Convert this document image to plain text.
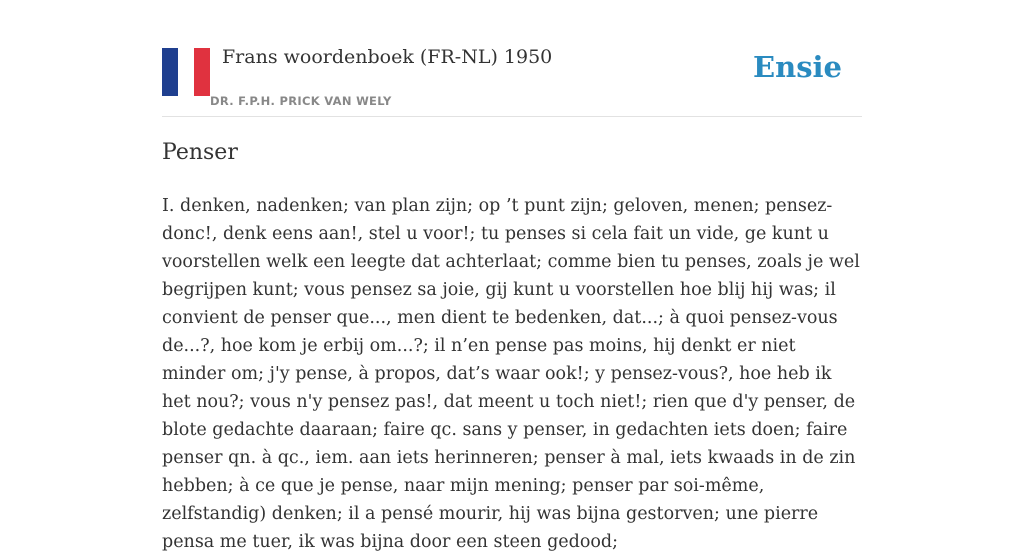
Frans woordenboek (FR-NL) 1950
DR. F.P.H. PRICK VAN WELY
Ensie
Penser

I. denken, nadenken; van plan zijn; op ’t punt zijn; geloven, menen; pensez-donc!, denk eens aan!, stel u voor!; tu penses si cela fait un vide, ge kunt u voorstellen welk een leegte dat achterlaat; comme bien tu penses, zoals je wel begrijpen kunt; vous pensez sa joie, gij kunt u voorstellen hoe blij hij was; il convient de penser que..., men dient te bedenken, dat...; à quoi pensez-vous de...?, hoe kom je erbij om...?; il n’en pense pas moins, hij denkt er niet minder om; j'y pense, à propos, dat’s waar ook!; y pensez-vous?, hoe heb ik het nou?; vous n'y pensez pas!, dat meent u toch niet!; rien que d'y penser, de blote gedachte daaraan; faire qc. sans y penser, in gedachten iets doen; faire penser qn. à qc., iem. aan iets herinneren; penser à mal, iets kwaads in de zin hebben; à ce que je pense, naar mijn mening; penser par soi-même, zelfstandig) denken; il a pensé mourir, hij was bijna gestorven; une pierre pensa me tuer, ik was bijna door een steen gedood;
